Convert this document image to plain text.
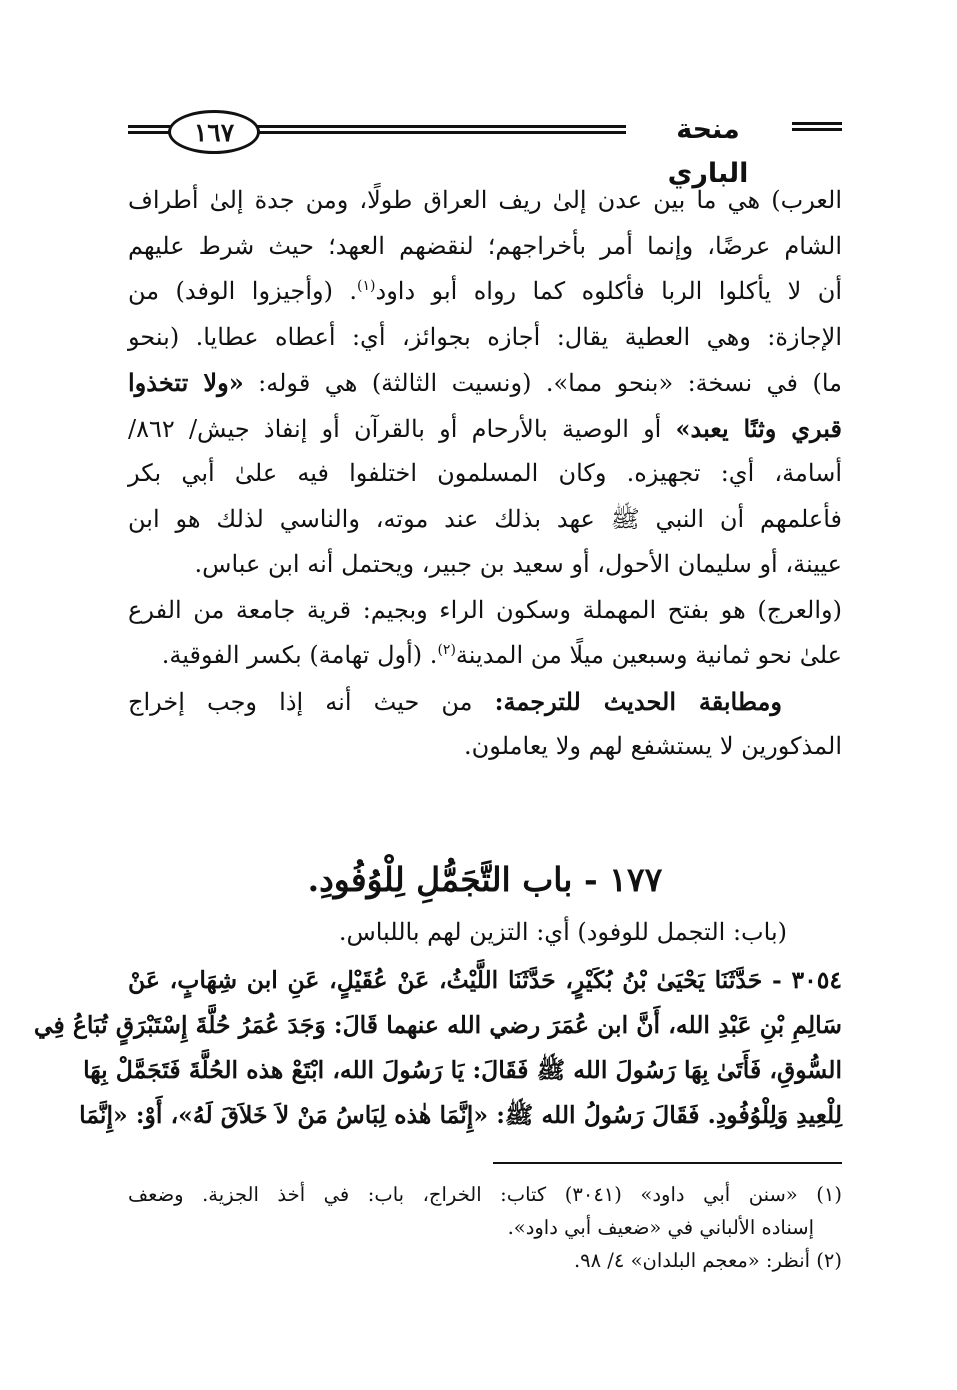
١٦٧	منحة الباري
العرب) هي ما بين عدن إلىٰ ريف العراق طولًا، ومن جدة إلىٰ أطراف
الشام عرضًا، وإنما أمر بأخراجهم؛ لنقضهم العهد؛ حيث شرط عليهم
أن لا يأكلوا الربا فأكلوه كما رواه أبو داود$^{(١)}$. (وأجيزوا الوفد) من
الإجازة: وهي العطية يقال: أجازه بجوائز، أي: أعطاه عطايا. (بنحو
ما) في نسخة: «بنحو مما». (ونسيت الثالثة) هي قوله: «ولا تتخذوا
قبري وثنًا يعبد» أو الوصية بالأرحام أو بالقرآن أو إنفاذ جيش/ ٨٦٢/
أسامة، أي: تجهيزه. وكان المسلمون اختلفوا فيه علىٰ أبي بكر
فأعلمهم أن النبي ﷺ عهد بذلك عند موته، والناسي لذلك هو ابن
عيينة، أو سليمان الأحول، أو سعيد بن جبير، ويحتمل أنه ابن عباس.
(والعرج) هو بفتح المهملة وسكون الراء وبجيم: قرية جامعة من الفرع
علىٰ نحو ثمانية وسبعين ميلًا من المدينة$^{(٢)}$. (أول تهامة) بكسر الفوقية.
ومطابقة الحديث للترجمة: من حيث أنه إذا وجب إخراج
المذكورين لا يستشفع لهم ولا يعاملون.
١٧٧ - باب التَّجَمُّلِ لِلْوُفُودِ.
(باب: التجمل للوفود) أي: التزين لهم باللباس.
٣٠٥٤ - حَدَّثَنَا يَحْيَىٰ بْنُ بُكَيْرٍ، حَدَّثَنَا اللَّيْثُ، عَنْ عُقَيْلٍ، عَنِ ابن شِهَابٍ، عَنْ
سَالِمِ بْنِ عَبْدِ الله، أَنَّ ابن عُمَرَ رضي الله عنهما قَالَ: وَجَدَ عُمَرُ حُلَّةَ إِسْتَبْرَقٍ تُبَاعُ فِي
السُّوقِ، فَأَتَىٰ بِهَا رَسُولَ الله ﷺ فَقَالَ: يَا رَسُولَ الله، ابْتَعْ هذه الحُلَّةَ فَتَجَمَّلْ بِهَا
لِلْعِيدِ وَلِلْوُفُودِ. فَقَالَ رَسُولُ الله ﷺ: «إِنَّمَا هٰذه لِبَاسُ مَنْ لاَ خَلاَقَ لَهُ»، أَوْ: «إِنَّمَا
(١) «سنن أبي داود» (٣٠٤١) كتاب: الخراج، باب: في أخذ الجزية. وضعف
إسناده الألباني في «ضعيف أبي داود».
(٢) أنظر: «معجم البلدان» ٤/ ٩٨.
